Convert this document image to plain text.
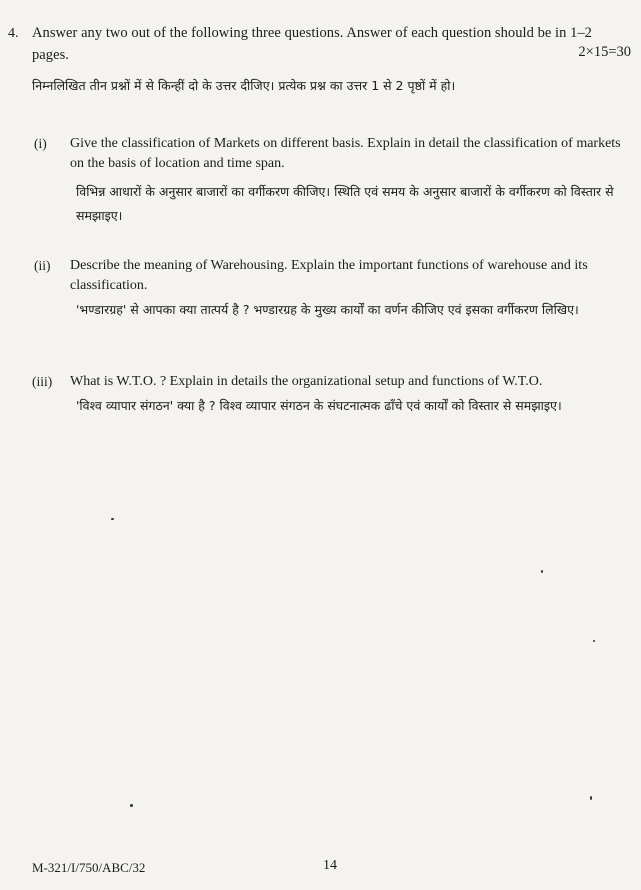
4. Answer any two out of the following three questions. Answer of each question should be in 1–2 pages.	2×15=30
निम्नलिखित तीन प्रश्नों में से किन्हीं दो के उत्तर दीजिए। प्रत्येक प्रश्न का उत्तर 1 से 2 पृष्ठों में हो।
(i) Give the classification of Markets on different basis. Explain in detail the classification of markets on the basis of location and time span.
विभिन्न आधारों के अनुसार बाजारों का वर्गीकरण कीजिए। स्थिति एवं समय के अनुसार बाजारों के वर्गीकरण को विस्तार से समझाइए।
(ii) Describe the meaning of Warehousing. Explain the important functions of warehouse and its classification.
'भण्डारग्रह' से आपका क्या तात्पर्य है ? भण्डारग्रह के मुख्य कार्यों का वर्णन कीजिए एवं इसका वर्गीकरण लिखिए।
(iii) What is W.T.O. ? Explain in details the organizational setup and functions of W.T.O.
'विश्व व्यापार संगठन' क्या है ? विश्व व्यापार संगठन के संघटनात्मक ढाँचे एवं कार्यों को विस्तार से समझाइए।
M-321/I/750/ABC/32	14
